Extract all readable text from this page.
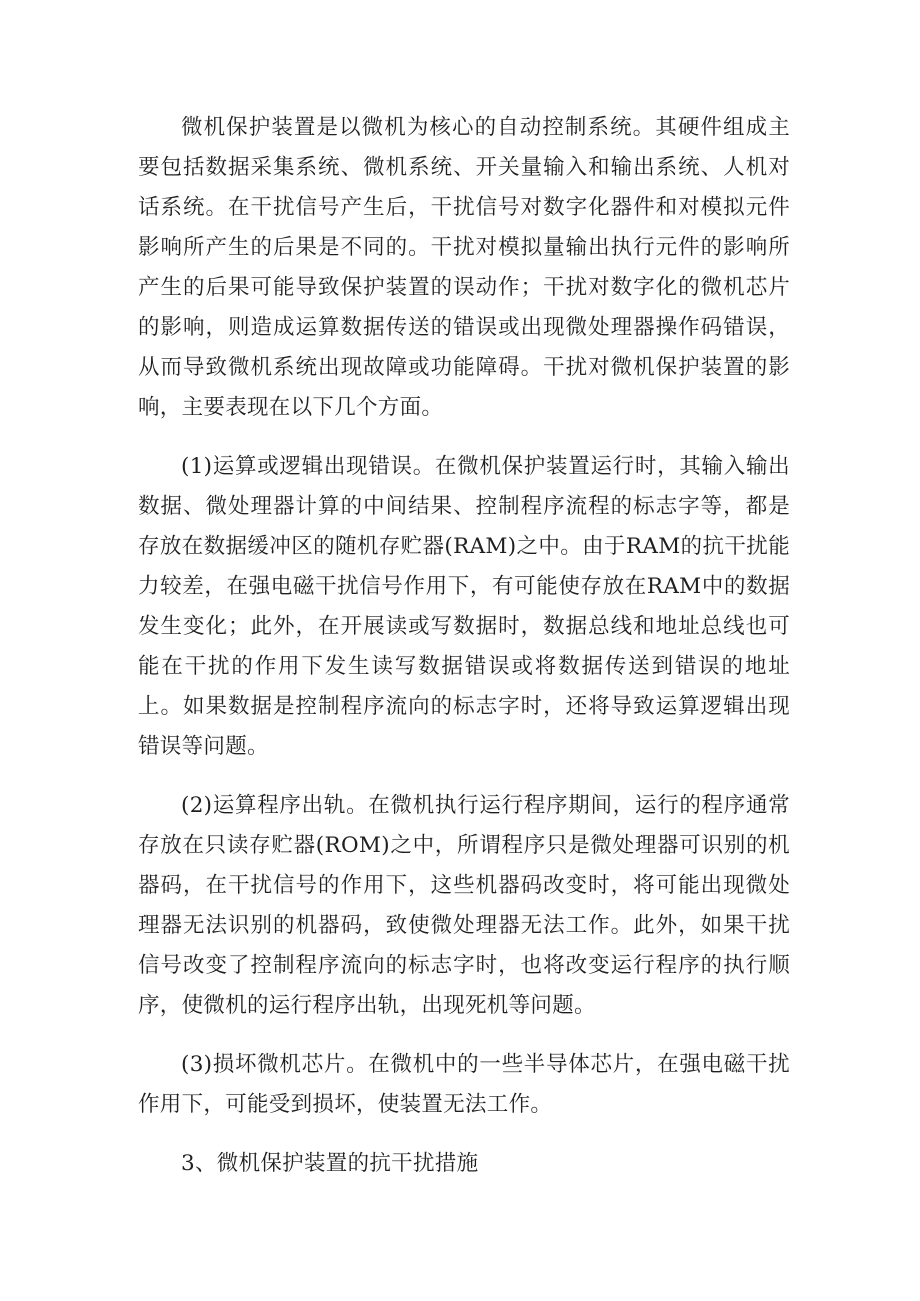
微机保护装置是以微机为核心的自动控制系统。其硬件组成主要包括数据采集系统、微机系统、开关量输入和输出系统、人机对话系统。在干扰信号产生后，干扰信号对数字化器件和对模拟元件影响所产生的后果是不同的。干扰对模拟量输出执行元件的影响所产生的后果可能导致保护装置的误动作；干扰对数字化的微机芯片的影响，则造成运算数据传送的错误或出现微处理器操作码错误，从而导致微机系统出现故障或功能障碍。干扰对微机保护装置的影响，主要表现在以下几个方面。

(1)运算或逻辑出现错误。在微机保护装置运行时，其输入输出数据、微处理器计算的中间结果、控制程序流程的标志字等，都是存放在数据缓冲区的随机存贮器(RAM)之中。由于RAM的抗干扰能力较差，在强电磁干扰信号作用下，有可能使存放在RAM中的数据发生变化；此外，在开展读或写数据时，数据总线和地址总线也可能在干扰的作用下发生读写数据错误或将数据传送到错误的地址上。如果数据是控制程序流向的标志字时，还将导致运算逻辑出现错误等问题。

(2)运算程序出轨。在微机执行运行程序期间，运行的程序通常存放在只读存贮器(ROM)之中，所谓程序只是微处理器可识别的机器码，在干扰信号的作用下，这些机器码改变时，将可能出现微处理器无法识别的机器码，致使微处理器无法工作。此外，如果干扰信号改变了控制程序流向的标志字时，也将改变运行程序的执行顺序，使微机的运行程序出轨，出现死机等问题。

(3)损坏微机芯片。在微机中的一些半导体芯片，在强电磁干扰作用下，可能受到损坏，使装置无法工作。

3、微机保护装置的抗干扰措施
